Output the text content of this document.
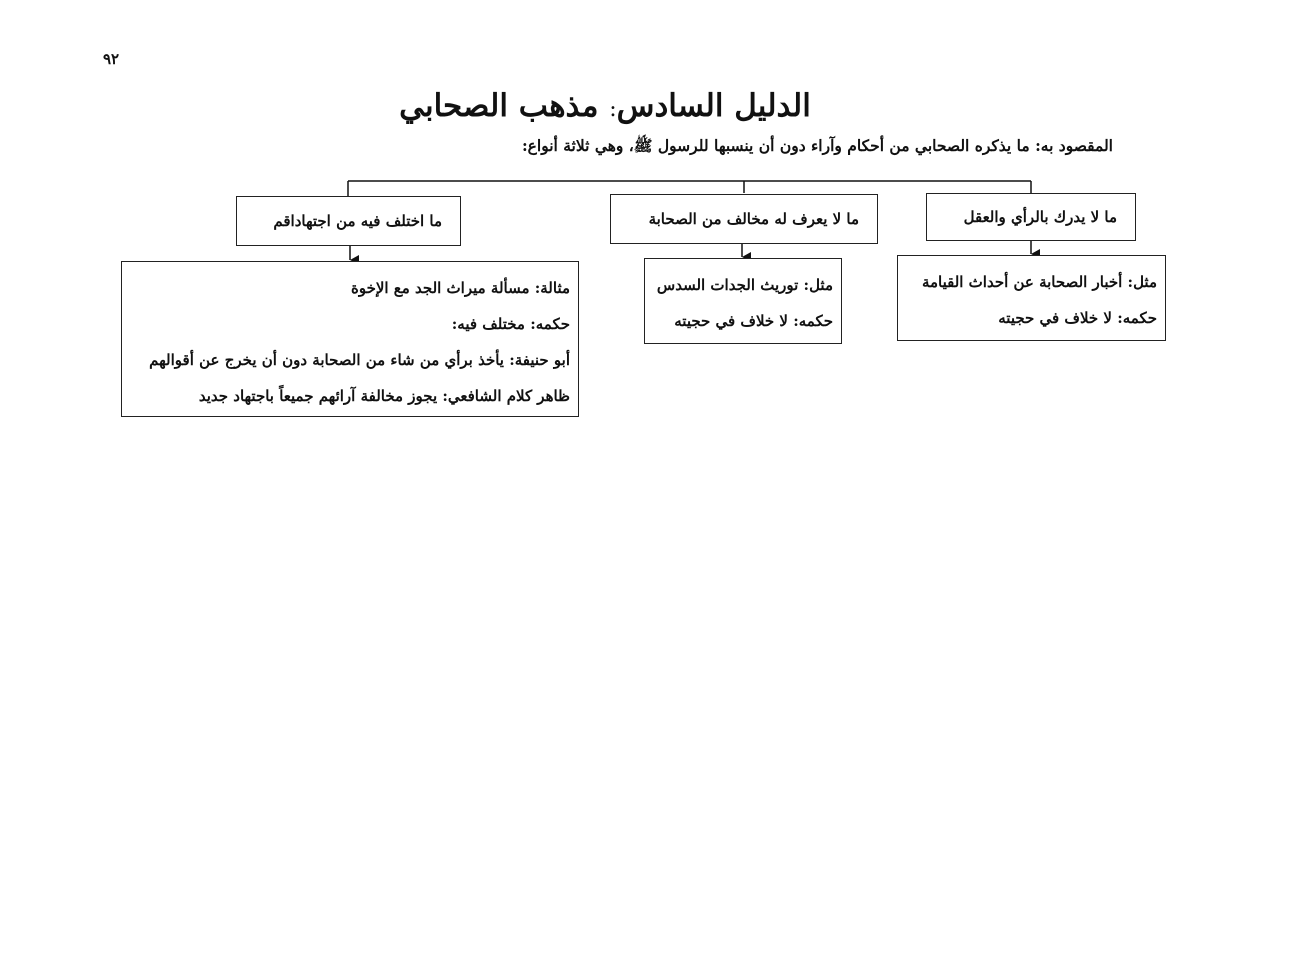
٩٢
الدليل السادس: مذهب الصحابي
المقصود به: ما يذكره الصحابي من أحكام وآراء دون أن ينسبها للرسول ﷺ، وهي ثلاثة أنواع:
ما لا يدرك بالرأي والعقل
ما لا يعرف له مخالف من الصحابة
ما اختلف فيه من اجتهاداقم
مثل: أخبار الصحابة عن أحداث القيامة
حكمه: لا خلاف في حجيته
مثل: توريث الجدات السدس
حكمه: لا خلاف في حجيته
مثالة: مسألة ميراث الجد مع الإخوة
حكمه: مختلف فيه:
أبو حنيفة: يأخذ برأي من شاء من الصحابة دون أن يخرج عن أقوالهم
ظاهر كلام الشافعي: يجوز مخالفة آرائهم جميعاً باجتهاد جديد
